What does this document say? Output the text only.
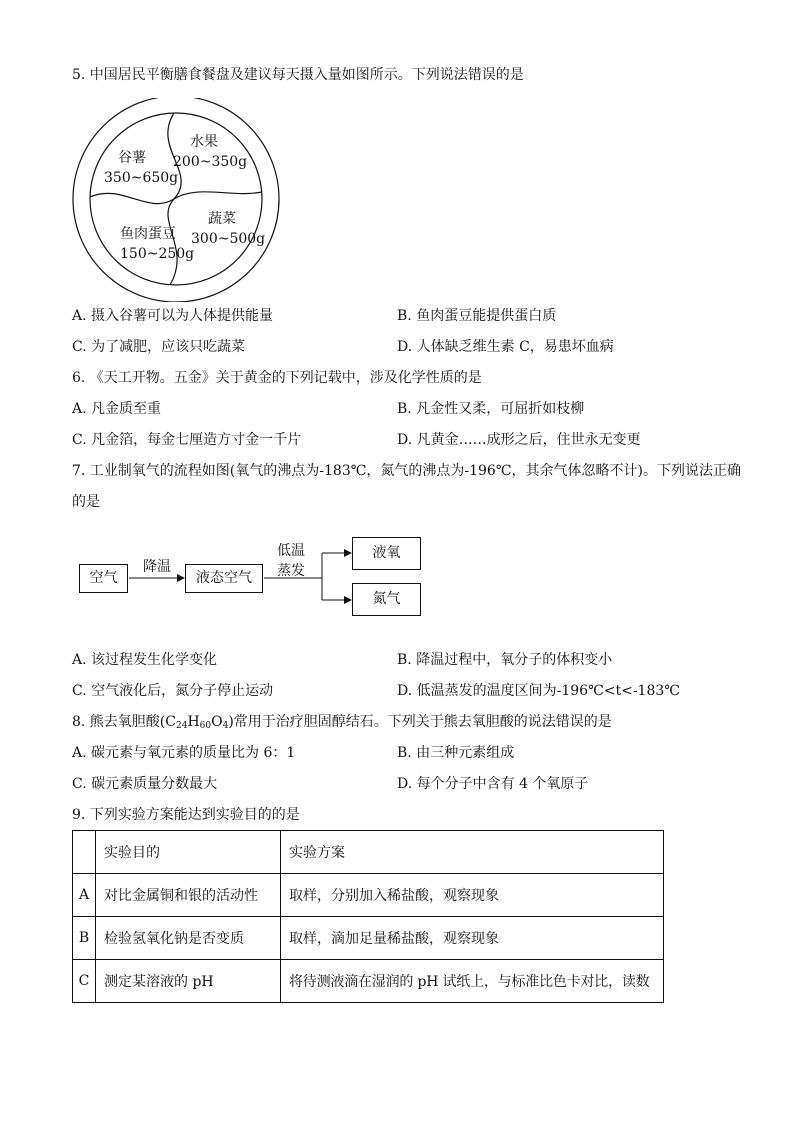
5. 中国居民平衡膳食餐盘及建议每天摄入量如图所示。下列说法错误的是
谷薯
350~650g
水果
200~350g
蔬菜
300~500g
鱼肉蛋豆
150~250g
A. 摄入谷薯可以为人体提供能量	B. 鱼肉蛋豆能提供蛋白质
C. 为了减肥，应该只吃蔬菜	D. 人体缺乏维生素 C，易患坏血病
6. 《天工开物。五金》关于黄金的下列记载中，涉及化学性质的是
A. 凡金质至重	B. 凡金性又柔，可屈折如枝柳
C. 凡金箔，每金七厘造方寸金一千片	D. 凡黄金……成形之后，住世永无变更
7. 工业制氧气的流程如图(氧气的沸点为-183℃，氮气的沸点为-196℃，其余气体忽略不计)。下列说法正确
的是
空气	液态空气
液氧
氮气
降温
低温
蒸发
A. 该过程发生化学变化	B. 降温过程中，氧分子的体积变小
C. 空气液化后，氮分子停止运动	D. 低温蒸发的温度区间为-196℃<t<-183℃
8. 熊去氧胆酸$(C_{24}H_{60}O_4)$常用于治疗胆固醇结石。下列关于熊去氧胆酸的说法错误的是
A. 碳元素与氧元素的质量比为 6：1	B. 由三种元素组成
C. 碳元素质量分数最大	D. 每个分子中含有 4 个氧原子
9. 下列实验方案能达到实验目的的是
	实验目的	实验方案
A	对比金属铜和银的活动性	取样，分别加入稀盐酸，观察现象
B	检验氢氧化钠是否变质	取样，滴加足量稀盐酸，观察现象
C	测定某溶液的 pH	将待测液滴在湿润的 pH 试纸上，与标准比色卡对比，读数
